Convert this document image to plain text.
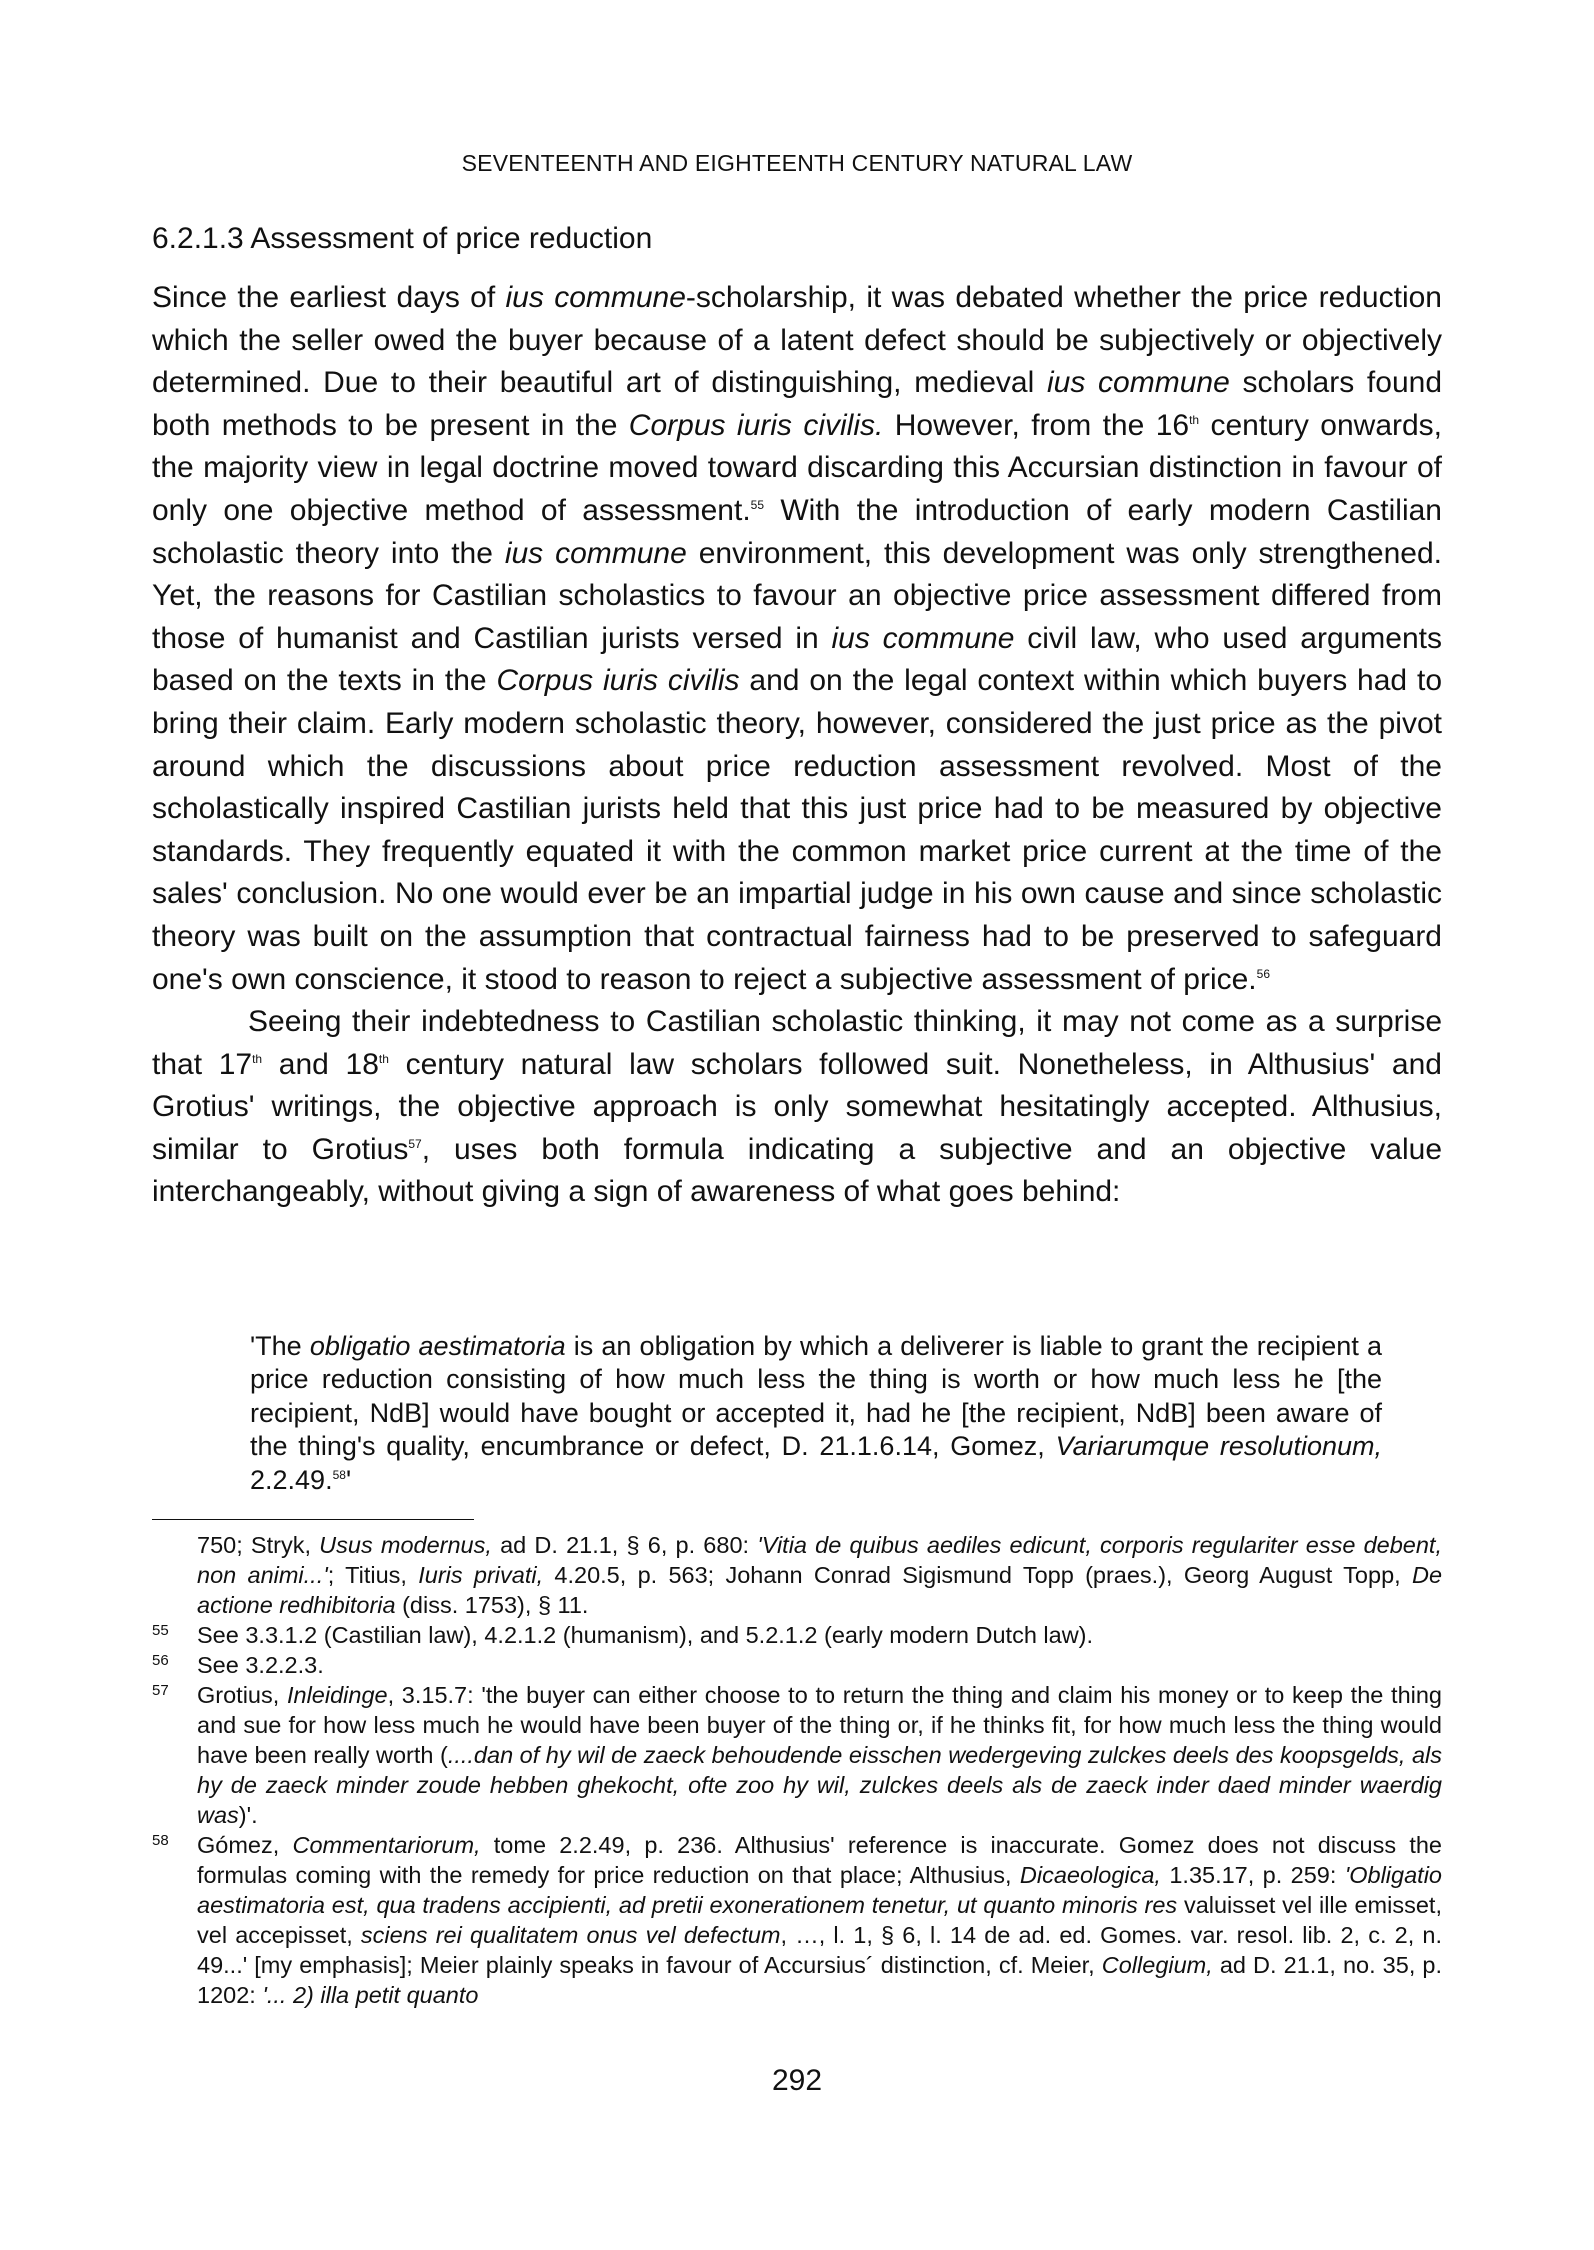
SEVENTEENTH AND EIGHTEENTH CENTURY NATURAL LAW
6.2.1.3 Assessment of price reduction

Since the earliest days of ius commune-scholarship, it was debated whether the price reduction which the seller owed the buyer because of a latent defect should be subjectively or objectively determined. Due to their beautiful art of distinguishing, medieval ius commune scholars found both methods to be present in the Corpus iuris civilis. However, from the 16th century onwards, the majority view in legal doctrine moved toward discarding this Accursian distinction in favour of only one objective method of assessment.$^{55}$ With the introduction of early modern Castilian scholastic theory into the ius commune environment, this development was only strengthened. Yet, the reasons for Castilian scholastics to favour an objective price assessment differed from those of humanist and Castilian jurists versed in ius commune civil law, who used arguments based on the texts in the Corpus iuris civilis and on the legal context within which buyers had to bring their claim. Early modern scholastic theory, however, considered the just price as the pivot around which the discussions about price reduction assessment revolved. Most of the scholastically inspired Castilian jurists held that this just price had to be measured by objective standards. They frequently equated it with the common market price current at the time of the sales' conclusion. No one would ever be an impartial judge in his own cause and since scholastic theory was built on the assumption that contractual fairness had to be preserved to safeguard one's own conscience, it stood to reason to reject a subjective assessment of price.$^{56}$

Seeing their indebtedness to Castilian scholastic thinking, it may not come as a surprise that 17th and 18th century natural law scholars followed suit. Nonetheless, in Althusius' and Grotius' writings, the objective approach is only somewhat hesitatingly accepted. Althusius, similar to Grotius$^{57}$, uses both formula indicating a subjective and an objective value interchangeably, without giving a sign of awareness of what goes behind:

'The obligatio aestimatoria is an obligation by which a deliverer is liable to grant the recipient a price reduction consisting of how much less the thing is worth or how much less he [the recipient, NdB] would have bought or accepted it, had he [the recipient, NdB] been aware of the thing's quality, encumbrance or defect, D. 21.1.6.14, Gomez, Variarumque resolutionum, 2.2.49.58'

750; Stryk, Usus modernus, ad D. 21.1, § 6, p. 680: 'Vitia de quibus aediles edicunt, corporis regulariter esse debent, non animi...'; Titius, Iuris privati, 4.20.5, p. 563; Johann Conrad Sigismund Topp (praes.), Georg August Topp, De actione redhibitoria (diss. 1753), § 11.

55 See 3.3.1.2 (Castilian law), 4.2.1.2 (humanism), and 5.2.1.2 (early modern Dutch law).

56 See 3.2.2.3.

57 Grotius, Inleidinge, 3.15.7: 'the buyer can either choose to to return the thing and claim his money or to keep the thing and sue for how less much he would have been buyer of the thing or, if he thinks fit, for how much less the thing would have been really worth (....dan of hy wil de zaeck behoudende eisschen wedergeving zulckes deels des koopsgelds, als hy de zaeck minder zoude hebben ghekocht, ofte zoo hy wil, zulckes deels als de zaeck inder daed minder waerdig was)'.

58 Gómez, Commentariorum, tome 2.2.49, p. 236. Althusius' reference is inaccurate. Gomez does not discuss the formulas coming with the remedy for price reduction on that place; Althusius, Dicaeologica, 1.35.17, p. 259: 'Obligatio aestimatoria est, qua tradens accipienti, ad pretii exonerationem tenetur, ut quanto minoris res valuisset vel ille emisset, vel accepisset, sciens rei qualitatem onus vel defectum, …, l. 1, § 6, l. 14 de ad. ed. Gomes. var. resol. lib. 2, c. 2, n. 49...' [my emphasis]; Meier plainly speaks in favour of Accursius´ distinction, cf. Meier, Collegium, ad D. 21.1, no. 35, p. 1202: '... 2) illa petit quanto

292
